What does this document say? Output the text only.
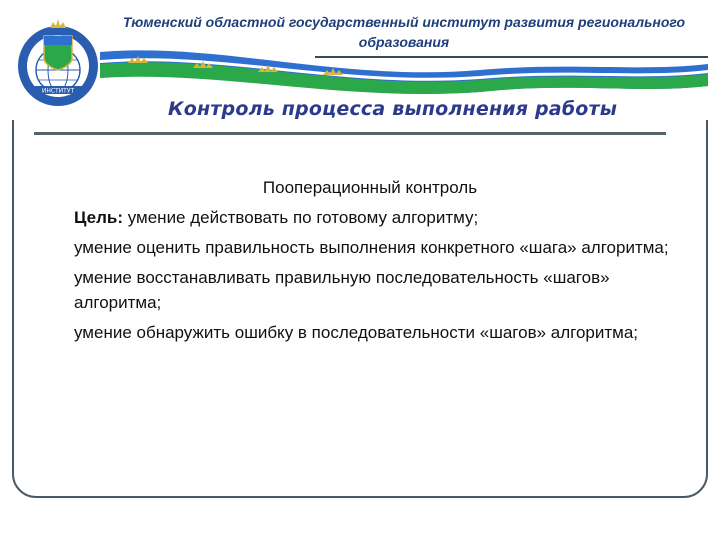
ИНСТИТУТ
Тюменский областной государственный институт развития регионального
образования
Контроль процесса выполнения работы
Пооперационный контроль

Цель: умение действовать по готовому алгоритму;

умение оценить правильность выполнения конкретного «шага» алгоритма;

умение восстанавливать правильную последовательность «шагов» алгоритма;

умение обнаружить ошибку в последовательности «шагов» алгоритма;
